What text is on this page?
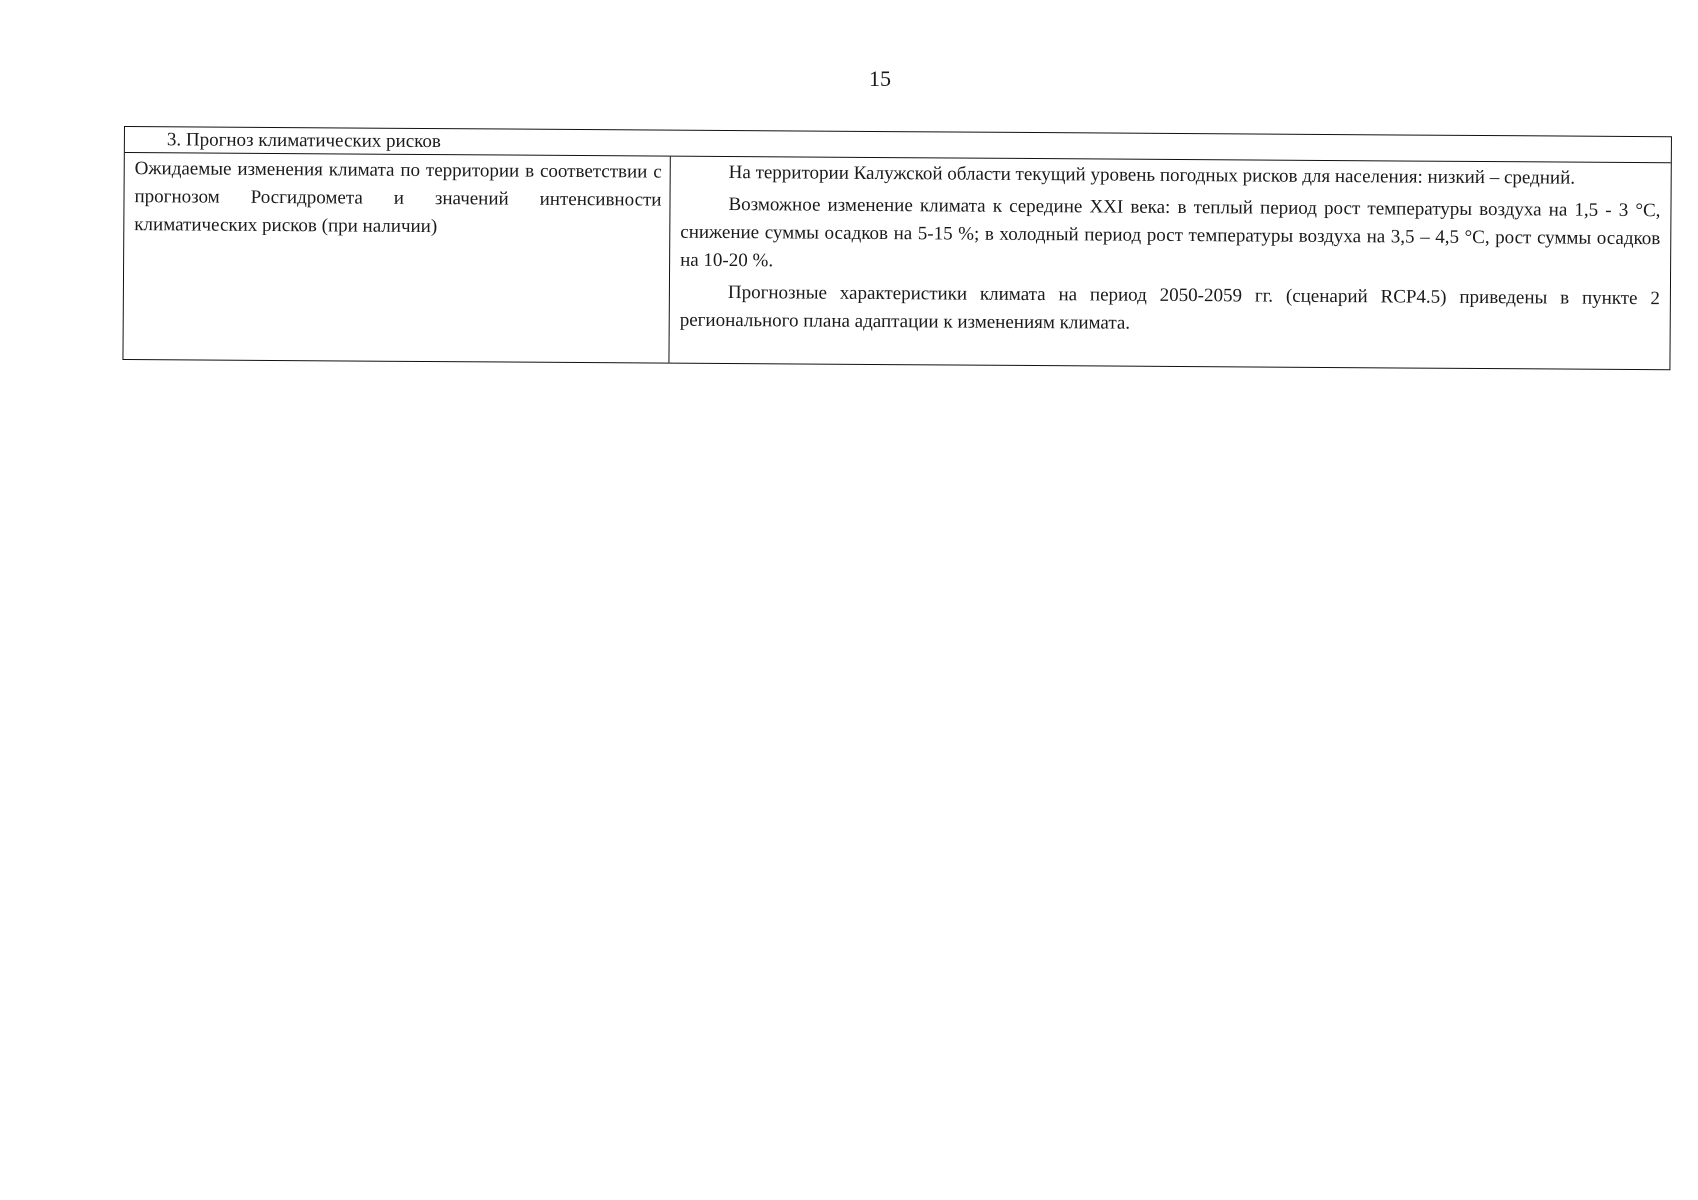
15
3. Прогноз климатических рисков
Ожидаемые изменения климата по территории в соответствии с прогнозом Росгидромета и значений интенсивности климатических рисков (при наличии)

На территории Калужской области текущий уровень погодных рисков для населения: низкий – средний.

Возможное изменение климата к середине XXI века: в теплый период рост температуры воздуха на 1,5 - 3 °С, снижение суммы осадков на 5-15 %; в холодный период рост температуры воздуха на 3,5 – 4,5 °С, рост суммы осадков на 10-20 %.

Прогнозные характеристики климата на период 2050-2059 гг. (сценарий RCP4.5) приведены в пункте 2 регионального плана адаптации к изменениям климата.
